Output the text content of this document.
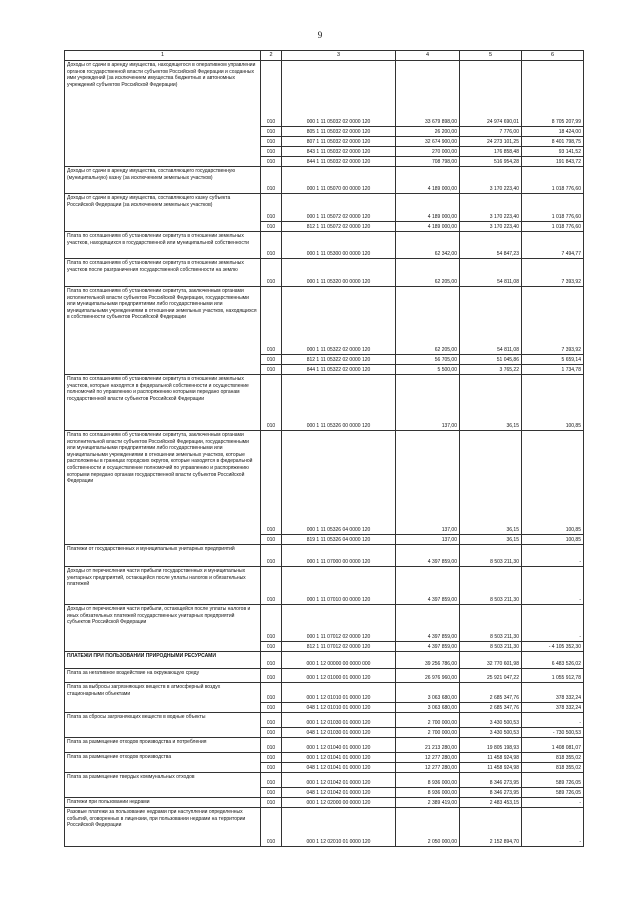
9
1	2	3	4	5	6
Доходы от сдачи в аренду имущества, находящегося в оперативном управлении органов государственной власти субъектов Российской Федерации и созданных ими учреждений (за исключением имущества бюджетных и автономных учреждений субъектов Российской Федерации)	010	000 1 11 05032 02 0000 120	33 679 898,00	24 974 690,01	8 705 207,99
	010	805 1 11 05032 02 0000 120	26 200,00	7 776,00	18 424,00
	010	807 1 11 05032 02 0000 120	32 674 900,00	24 273 101,25	8 401 798,75
	010	843 1 11 05032 02 0000 120	270 000,00	176 858,48	93 141,52
	010	844 1 11 05032 02 0000 120	708 798,00	516 954,28	191 843,72
Доходы от сдачи в аренду имущества, составляющего государственную (муниципальную) казну (за исключением земельных участков)	010	000 1 11 05070 00 0000 120	4 189 000,00	3 170 223,40	1 018 776,60
Доходы от сдачи в аренду имущества, составляющего казну субъекта Российской Федерации (за исключением земельных участков)	010	000 1 11 05072 02 0000 120	4 189 000,00	3 170 223,40	1 018 776,60
	010	812 1 11 05072 02 0000 120	4 189 000,00	3 170 223,40	1 018 776,60
Плата по соглашениям об установлении сервитута в отношении земельных участков, находящихся в государственной или муниципальной собственности	010	000 1 11 05300 00 0000 120	62 342,00	54 847,23	7 494,77
Плата по соглашениям об установлении сервитута в отношении земельных участков после разграничения государственной собственности на землю	010	000 1 11 05320 00 0000 120	62 205,00	54 811,08	7 393,92
Плата по соглашениям об установлении сервитута, заключенным органами исполнительной власти субъектов Российской Федерации, государственными или муниципальными предприятиями либо государственными или муниципальными учреждениями в отношении земельных участков, находящихся в собственности субъектов Российской Федерации	010	000 1 11 05322 02 0000 120	62 205,00	54 811,08	7 393,92
	010	812 1 11 05322 02 0000 120	56 705,00	51 045,86	5 659,14
	010	844 1 11 05322 02 0000 120	5 500,00	3 765,22	1 734,78
Плата по соглашениям об установлении сервитута в отношении земельных участков, которые находятся в федеральной собственности и осуществление полномочий по управлению и распоряжению которыми передано органам государственной власти субъектов Российской Федерации	010	000 1 11 05326 00 0000 120	137,00	36,15	100,85
Плата по соглашениям об установлении сервитута, заключенным органами исполнительной власти субъектов Российской Федерации, государственными или муниципальными предприятиями либо государственными или муниципальными учреждениями в отношении земельных участков, которые расположены в границах городских округов, которые находятся в федеральной собственности и осуществление полномочий по управлению и распоряжению которыми передано органам государственной власти субъектов Российской Федерации	010	000 1 11 05326 04 0000 120	137,00	36,15	100,85
	010	819 1 11 05326 04 0000 120	137,00	36,15	100,85
Платежи от государственных и муниципальных унитарных предприятий	010	000 1 11 07000 00 0000 120	4 397 859,00	8 503 211,30	-
Доходы от перечисления части прибыли государственных и муниципальных унитарных предприятий, остающейся после уплаты налогов и обязательных платежей	010	000 1 11 07010 00 0000 120	4 397 859,00	8 503 211,30	-
Доходы от перечисления части прибыли, остающейся после уплаты налогов и иных обязательных платежей государственных унитарных предприятий субъектов Российской Федерации	010	000 1 11 07012 02 0000 120	4 397 859,00	8 503 211,30	-
	010	812 1 11 07012 02 0000 120	4 397 859,00	8 503 211,30	- 4 105 352,30
ПЛАТЕЖИ ПРИ ПОЛЬЗОВАНИИ ПРИРОДНЫМИ РЕСУРСАМИ	010	000 1 12 00000 00 0000 000	39 256 786,00	32 770 601,98	6 483 526,02
Плата за негативное воздействие на окружающую среду	010	000 1 12 01000 01 0000 120	26 976 960,00	25 921 047,22	1 055 912,78
Плата за выбросы загрязняющих веществ в атмосферный воздух стационарными объектами	010	000 1 12 01010 01 0000 120	3 063 680,00	2 685 347,76	378 332,24
	010	048 1 12 01010 01 0000 120	3 063 680,00	2 685 347,76	378 332,24
Плата за сбросы загрязняющих веществ в водные объекты	010	000 1 12 01030 01 0000 120	2 700 000,00	3 430 500,53	-
	010	048 1 12 01030 01 0000 120	2 700 000,00	3 430 500,53	- 730 500,53
Плата за размещение отходов производства и потребления	010	000 1 12 01040 01 0000 120	21 213 280,00	19 805 198,93	1 408 081,07
Плата за размещение отходов производства	010	000 1 12 01041 01 0000 120	12 277 280,00	11 458 924,98	818 355,02
	010	048 1 12 01041 01 0000 120	12 277 280,00	11 458 924,98	818 355,02
Плата за размещение твердых коммунальных отходов	010	000 1 12 01042 01 0000 120	8 936 000,00	8 346 273,95	589 726,05
	010	048 1 12 01042 01 0000 120	8 936 000,00	8 346 273,95	589 726,05
Платежи при пользовании недрами	010	000 1 12 02000 00 0000 120	2 389 419,00	2 483 453,15	-
Разовые платежи за пользование недрами при наступлении определенных событий, оговоренных в лицензии, при пользовании недрами на территории Российской Федерации	010	000 1 12 02010 01 0000 120	2 050 000,00	2 152 894,70	-
